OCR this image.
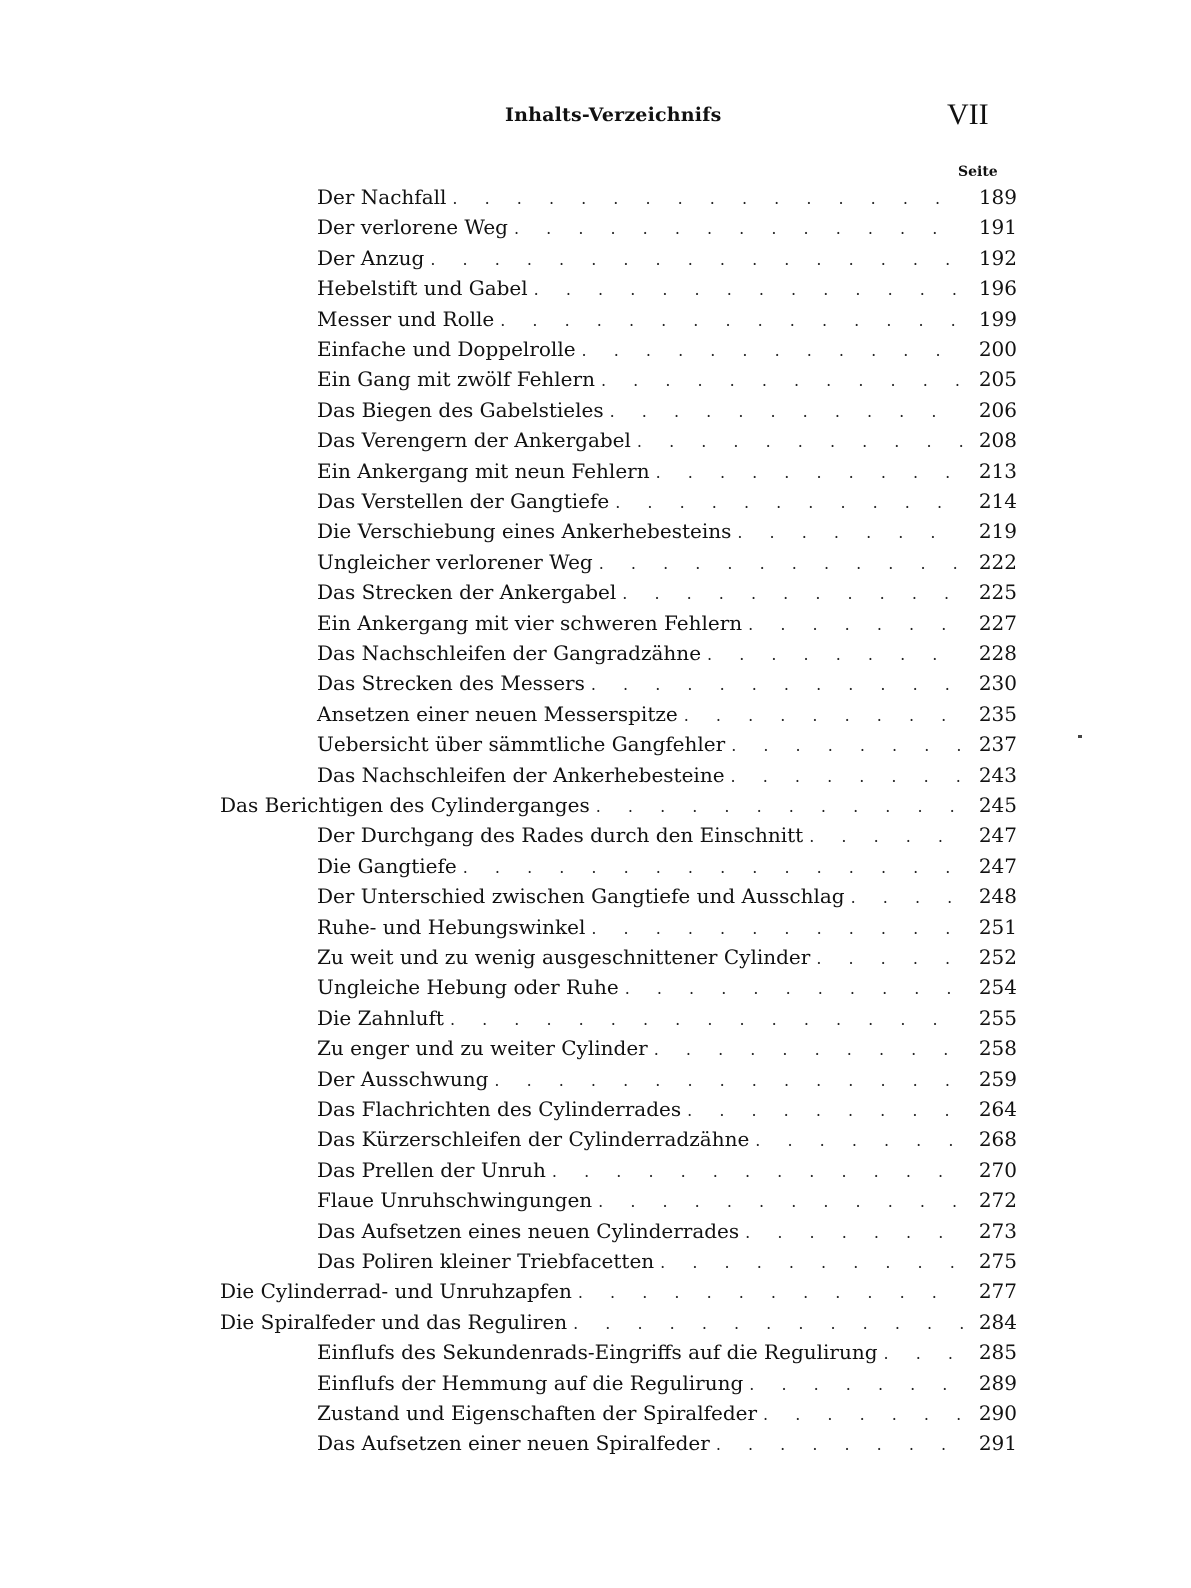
Inhalts-Verzeichnifs	VII
Seite
Der Nachfall . . .	189
Der verlorene Weg . . .	191
Der Anzug . . .	192
Hebelstift und Gabel . . .	196
Messer und Rolle . . .	199
Einfache und Doppelrolle . . .	200
Ein Gang mit zwölf Fehlern . . .	205
Das Biegen des Gabelstieles . . .	206
Das Verengern der Ankergabel . . .	208
Ein Ankergang mit neun Fehlern . . .	213
Das Verstellen der Gangtiefe . . .	214
Die Verschiebung eines Ankerhebesteins . . .	219
Ungleicher verlorener Weg . . .	222
Das Strecken der Ankergabel . . .	225
Ein Ankergang mit vier schweren Fehlern . . .	227
Das Nachschleifen der Gangradzähne . . .	228
Das Strecken des Messers . . .	230
Ansetzen einer neuen Messerspitze . . .	235
Uebersicht über sämmtliche Gangfehler . . .	237
Das Nachschleifen der Ankerhebesteine . . .	243
Das Berichtigen des Cylinderganges . . .	245
Der Durchgang des Rades durch den Einschnitt . . .	247
Die Gangtiefe . . .	247
Der Unterschied zwischen Gangtiefe und Ausschlag . . .	248
Ruhe- und Hebungswinkel . . .	251
Zu weit und zu wenig ausgeschnittener Cylinder . . .	252
Ungleiche Hebung oder Ruhe . . .	254
Die Zahnluft . . .	255
Zu enger und zu weiter Cylinder . . .	258
Der Ausschwung . . .	259
Das Flachrichten des Cylinderrades . . .	264
Das Kürzerschleifen der Cylinderradzähne . . .	268
Das Prellen der Unruh . . .	270
Flaue Unruhschwingungen . . .	272
Das Aufsetzen eines neuen Cylinderrades . . .	273
Das Poliren kleiner Triebfacetten . . .	275
Die Cylinderrad- und Unruhzapfen . . .	277
Die Spiralfeder und das Reguliren . . .	284
Einflufs des Sekundenrads-Eingriffs auf die Regulirung . . .	285
Einflufs der Hemmung auf die Regulirung . . .	289
Zustand und Eigenschaften der Spiralfeder . . .	290
Das Aufsetzen einer neuen Spiralfeder . . .	291
